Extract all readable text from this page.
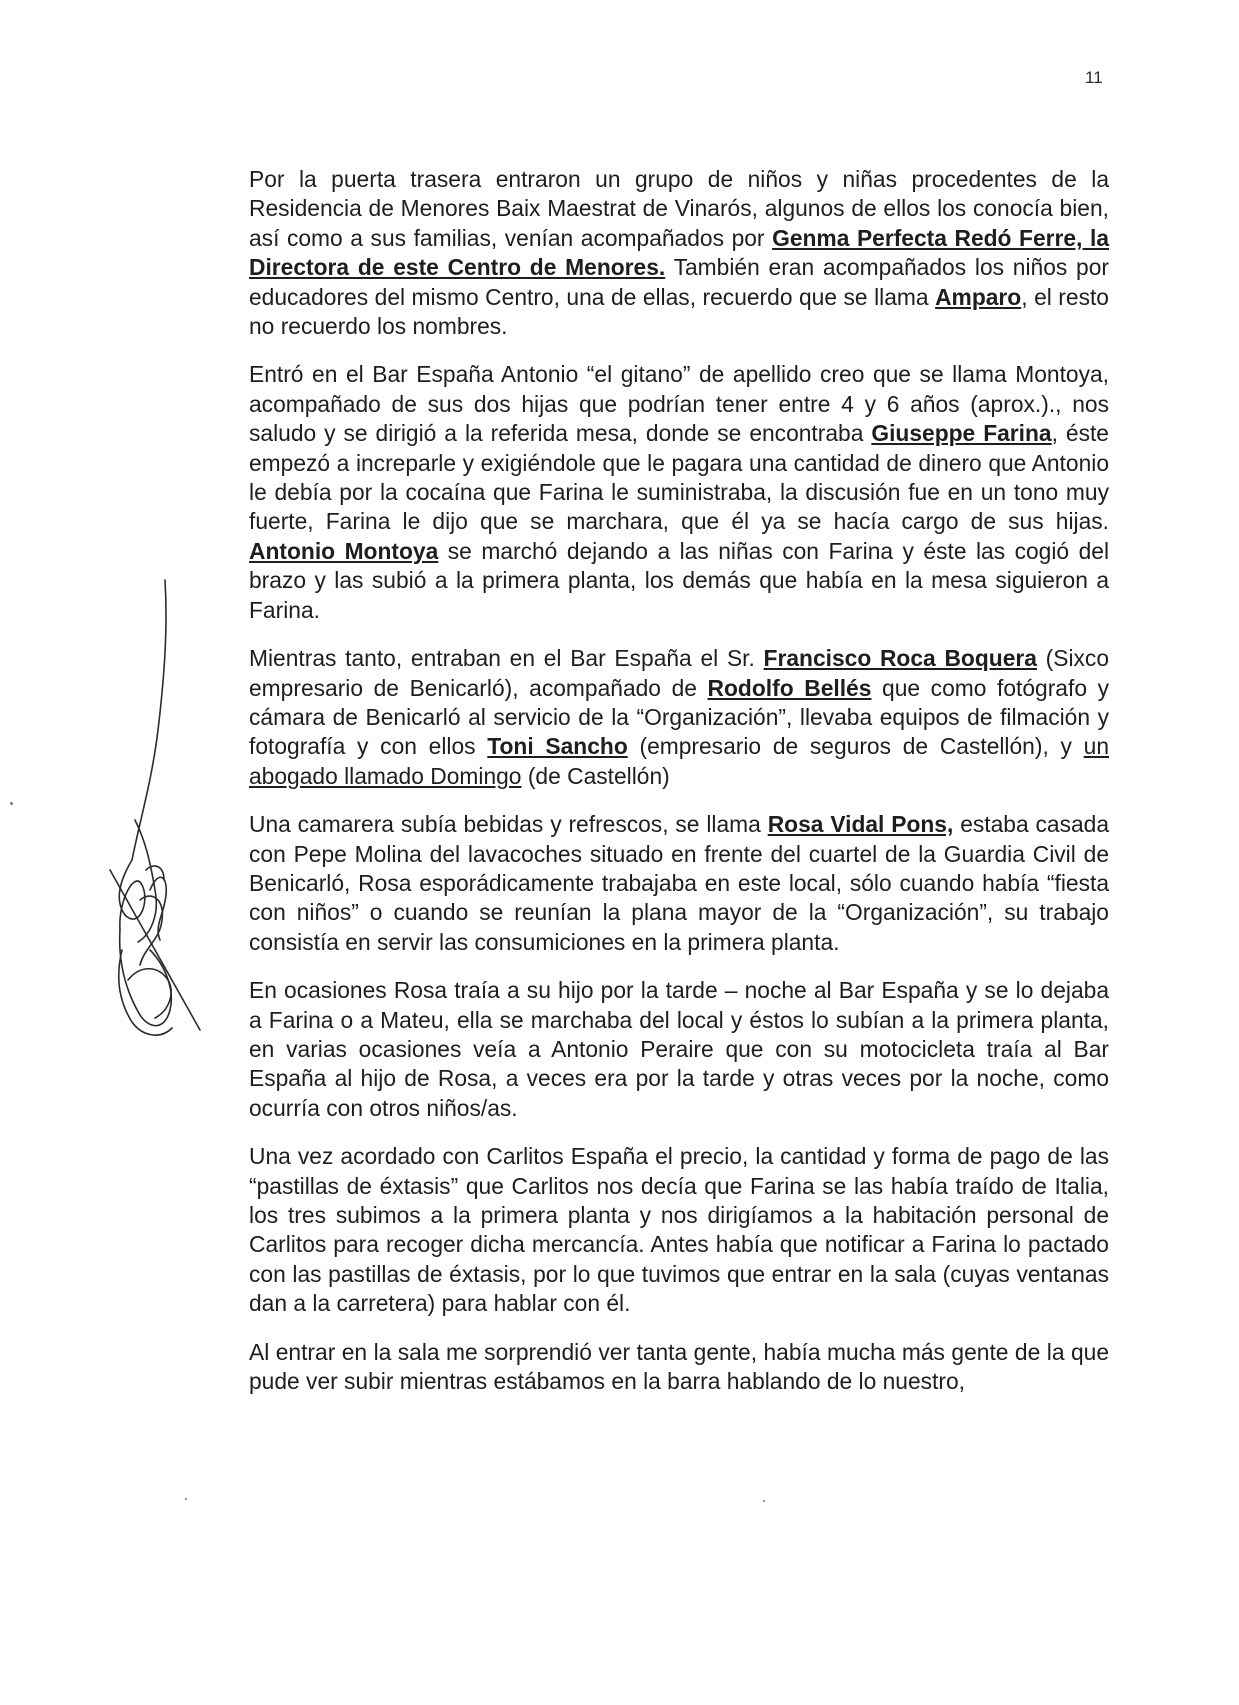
11

Por la puerta trasera entraron un grupo de niños y niñas procedentes de la Residencia de Menores Baix Maestrat de Vinarós, algunos de ellos los conocía bien, así como a sus familias, venían acompañados por Genma Perfecta Redó Ferre, la Directora de este Centro de Menores. También eran acompañados los niños por educadores del mismo Centro, una de ellas, recuerdo que se llama Amparo, el resto no recuerdo los nombres.

Entró en el Bar España Antonio “el gitano” de apellido creo que se llama Montoya, acompañado de sus dos hijas que podrían tener entre 4 y 6 años (aprox.)., nos saludo y se dirigió a la referida mesa, donde se encontraba Giuseppe Farina, éste empezó a increparle y exigiéndole que le pagara una cantidad de dinero que Antonio le debía por la cocaína que Farina le suministraba, la discusión fue en un tono muy fuerte, Farina le dijo que se marchara, que él ya se hacía cargo de sus hijas. Antonio Montoya se marchó dejando a las niñas con Farina y éste las cogió del brazo y las subió a la primera planta, los demás que había en la mesa siguieron a Farina.

Mientras tanto, entraban en el Bar España el Sr. Francisco Roca Boquera (Sixco empresario de Benicarló), acompañado de Rodolfo Bellés que como fotógrafo y cámara de Benicarló al servicio de la “Organización”, llevaba equipos de filmación y fotografía y con ellos Toni Sancho (empresario de seguros de Castellón), y un abogado llamado Domingo (de Castellón)

Una camarera subía bebidas y refrescos, se llama Rosa Vidal Pons, estaba casada con Pepe Molina del lavacoches situado en frente del cuartel de la Guardia Civil de Benicarló, Rosa esporádicamente trabajaba en este local, sólo cuando había “fiesta con niños” o cuando se reunían la plana mayor de la “Organización”, su trabajo consistía en servir las consumiciones en la primera planta.

En ocasiones Rosa traía a su hijo por la tarde – noche al Bar España y se lo dejaba a Farina o a Mateu, ella se marchaba del local y éstos lo subían a la primera planta, en varias ocasiones veía a Antonio Peraire que con su motocicleta traía al Bar España al hijo de Rosa, a veces era por la tarde y otras veces por la noche, como ocurría con otros niños/as.

Una vez acordado con Carlitos España el precio, la cantidad y forma de pago de las “pastillas de éxtasis” que Carlitos nos decía que Farina se las había traído de Italia, los tres subimos a la primera planta y nos dirigíamos a la habitación personal de Carlitos para recoger dicha mercancía. Antes había que notificar a Farina lo pactado con las pastillas de éxtasis, por lo que tuvimos que entrar en la sala (cuyas ventanas dan a la carretera) para hablar con él.

Al entrar en la sala me sorprendió ver tanta gente, había mucha más gente de la que pude ver subir mientras estábamos en la barra hablando de lo nuestro,
